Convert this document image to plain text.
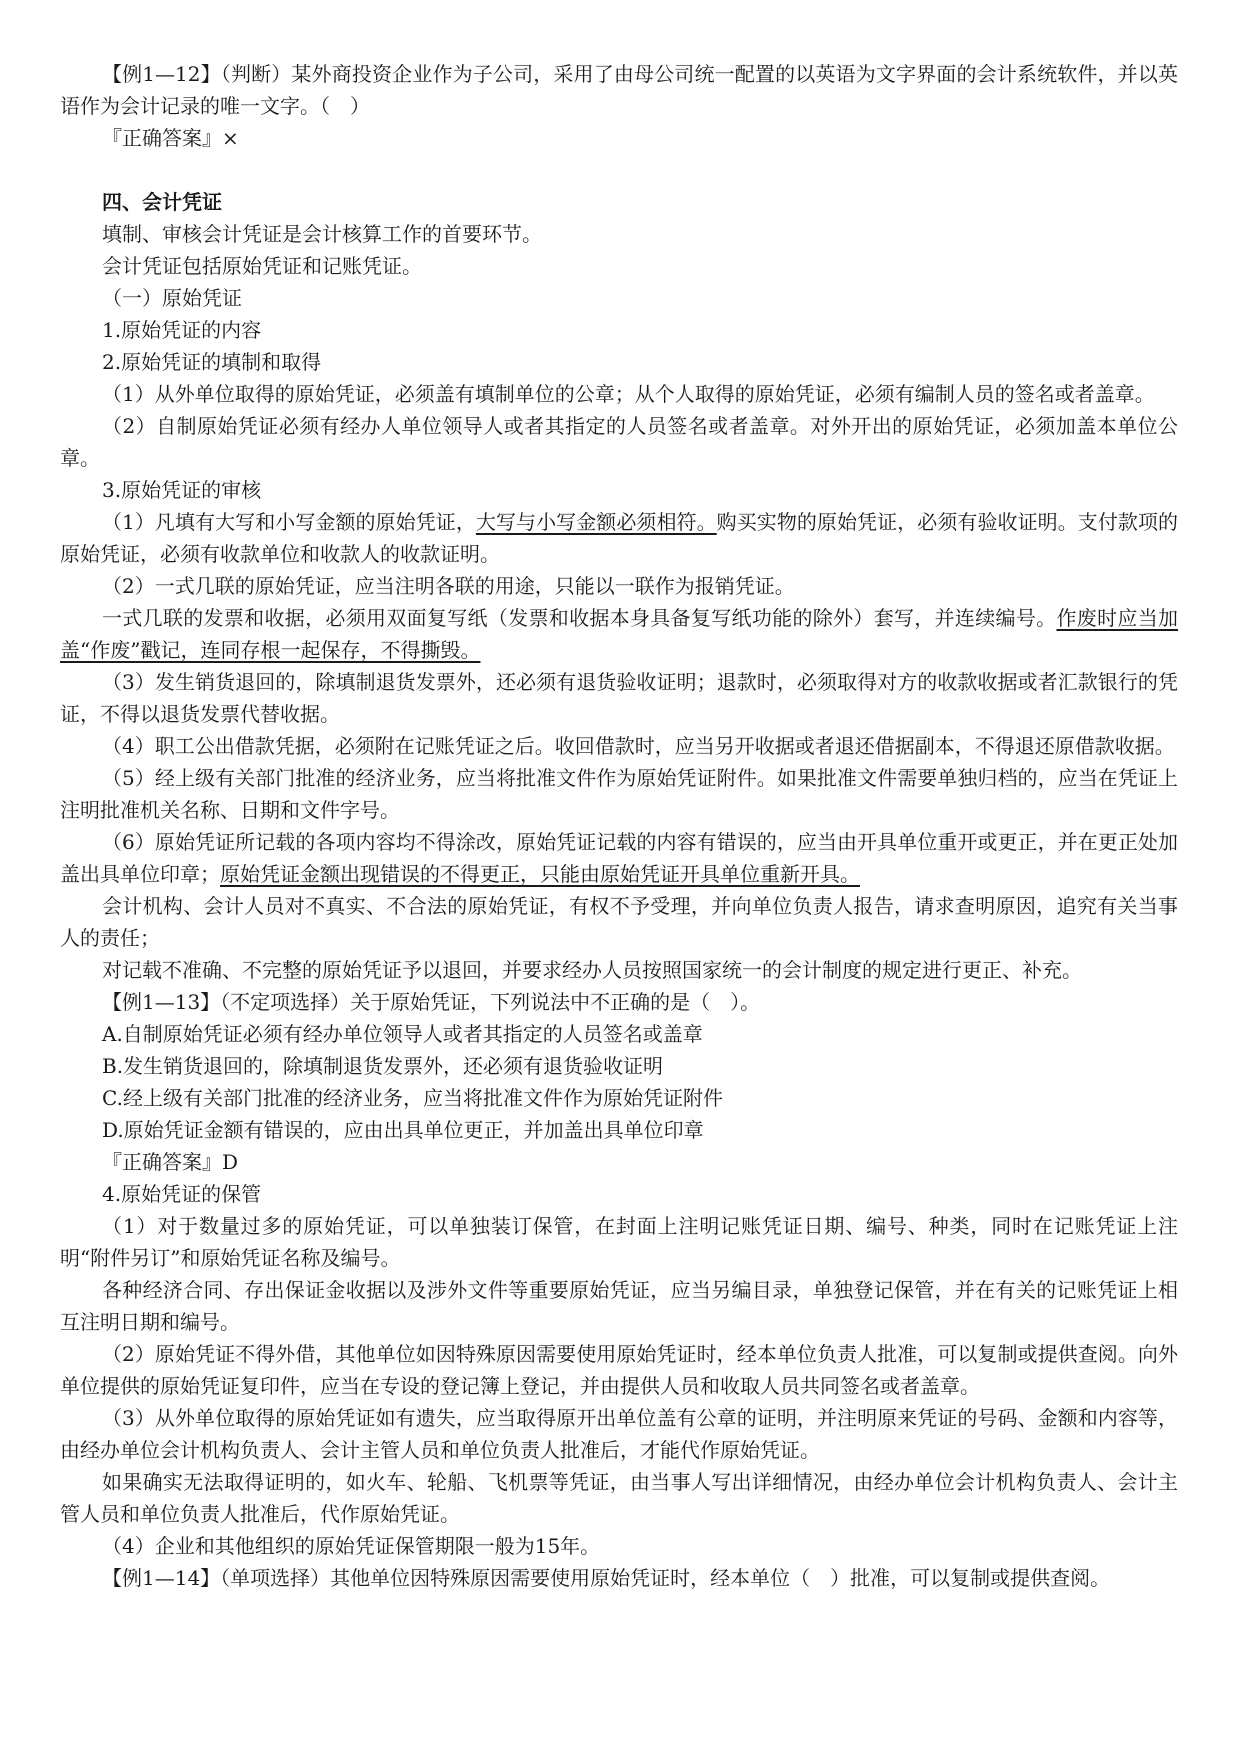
【例1—12】（判断）某外商投资企业作为子公司，采用了由母公司统一配置的以英语为文字界面的会计系统软件，并以英语作为会计记录的唯一文字。（　）

『正确答案』×

四、会计凭证

填制、审核会计凭证是会计核算工作的首要环节。

会计凭证包括原始凭证和记账凭证。

（一）原始凭证

1.原始凭证的内容

2.原始凭证的填制和取得

（1）从外单位取得的原始凭证，必须盖有填制单位的公章；从个人取得的原始凭证，必须有编制人员的签名或者盖章。

（2）自制原始凭证必须有经办人单位领导人或者其指定的人员签名或者盖章。对外开出的原始凭证，必须加盖本单位公章。

3.原始凭证的审核

（1）凡填有大写和小写金额的原始凭证，大写与小写金额必须相符。购买实物的原始凭证，必须有验收证明。支付款项的原始凭证，必须有收款单位和收款人的收款证明。

（2）一式几联的原始凭证，应当注明各联的用途，只能以一联作为报销凭证。

一式几联的发票和收据，必须用双面复写纸（发票和收据本身具备复写纸功能的除外）套写，并连续编号。作废时应当加盖“作废”戳记，连同存根一起保存，不得撕毁。

（3）发生销货退回的，除填制退货发票外，还必须有退货验收证明；退款时，必须取得对方的收款收据或者汇款银行的凭证，不得以退货发票代替收据。

（4）职工公出借款凭据，必须附在记账凭证之后。收回借款时，应当另开收据或者退还借据副本，不得退还原借款收据。

（5）经上级有关部门批准的经济业务，应当将批准文件作为原始凭证附件。如果批准文件需要单独归档的，应当在凭证上注明批准机关名称、日期和文件字号。

（6）原始凭证所记载的各项内容均不得涂改，原始凭证记载的内容有错误的，应当由开具单位重开或更正，并在更正处加盖出具单位印章；原始凭证金额出现错误的不得更正，只能由原始凭证开具单位重新开具。

会计机构、会计人员对不真实、不合法的原始凭证，有权不予受理，并向单位负责人报告，请求查明原因，追究有关当事人的责任；

对记载不准确、不完整的原始凭证予以退回，并要求经办人员按照国家统一的会计制度的规定进行更正、补充。

【例1—13】（不定项选择）关于原始凭证，下列说法中不正确的是（　）。

A.自制原始凭证必须有经办单位领导人或者其指定的人员签名或盖章

B.发生销货退回的，除填制退货发票外，还必须有退货验收证明

C.经上级有关部门批准的经济业务，应当将批准文件作为原始凭证附件

D.原始凭证金额有错误的，应由出具单位更正，并加盖出具单位印章

『正确答案』D

4.原始凭证的保管

（1）对于数量过多的原始凭证，可以单独装订保管，在封面上注明记账凭证日期、编号、种类，同时在记账凭证上注明“附件另订”和原始凭证名称及编号。

各种经济合同、存出保证金收据以及涉外文件等重要原始凭证，应当另编目录，单独登记保管，并在有关的记账凭证上相互注明日期和编号。

（2）原始凭证不得外借，其他单位如因特殊原因需要使用原始凭证时，经本单位负责人批准，可以复制或提供查阅。向外单位提供的原始凭证复印件，应当在专设的登记簿上登记，并由提供人员和收取人员共同签名或者盖章。

（3）从外单位取得的原始凭证如有遗失，应当取得原开出单位盖有公章的证明，并注明原来凭证的号码、金额和内容等，由经办单位会计机构负责人、会计主管人员和单位负责人批准后，才能代作原始凭证。

如果确实无法取得证明的，如火车、轮船、飞机票等凭证，由当事人写出详细情况，由经办单位会计机构负责人、会计主管人员和单位负责人批准后，代作原始凭证。

（4）企业和其他组织的原始凭证保管期限一般为15年。

【例1—14】（单项选择）其他单位因特殊原因需要使用原始凭证时，经本单位（　）批准，可以复制或提供查阅。
